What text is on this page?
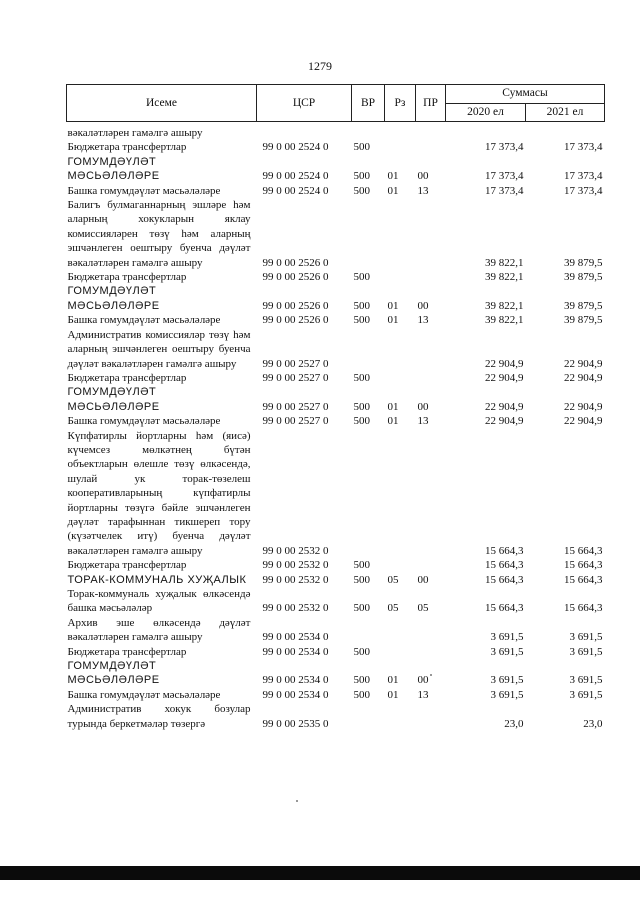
1279
Исеме	ЦСР	ВР	Рз	ПР	Суммасы	
					2020 ел	2021 ел
вәкаләтләрен гамәлгә ашыру						
Бюджетара трансфертлар	99 0 00 2524 0	500			17 373,4	17 373,4
ГОМУМДӘҮЛӘТ МӘСЬӘЛӘЛӘРЕ	99 0 00 2524 0	500	01	00	17 373,4	17 373,4
Башка гомумдәүләт мәсьәләләре	99 0 00 2524 0	500	01	13	17 373,4	17 373,4
Балигъ булмаганнарның эшләре һәм аларның хокукларын яклау комиссияләрен төзү һәм аларның эшчәнлеген оештыру буенча дәүләт вәкаләтләрен гамәлгә ашыру	99 0 00 2526 0				39 822,1	39 879,5
Бюджетара трансфертлар	99 0 00 2526 0	500			39 822,1	39 879,5
ГОМУМДӘҮЛӘТ МӘСЬӘЛӘЛӘРЕ	99 0 00 2526 0	500	01	00	39 822,1	39 879,5
Башка гомумдәүләт мәсьәләләре	99 0 00 2526 0	500	01	13	39 822,1	39 879,5
Административ комиссияләр төзү һәм аларның эшчәнлеген оештыру буенча дәүләт вәкаләтләрен гамәлгә ашыру	99 0 00 2527 0				22 904,9	22 904,9
Бюджетара трансфертлар	99 0 00 2527 0	500			22 904,9	22 904,9
ГОМУМДӘҮЛӘТ МӘСЬӘЛӘЛӘРЕ	99 0 00 2527 0	500	01	00	22 904,9	22 904,9
Башка гомумдәүләт мәсьәләләре	99 0 00 2527 0	500	01	13	22 904,9	22 904,9
Күпфатирлы йортларны һәм (яисә) күчемсез мөлкәтнең бүтән объектларын өлешле төзү өлкәсендә, шулай ук торак-төзелеш кооперативларының күпфатирлы йортларны төзүгә бәйле эшчәнлеген дәүләт тарафыннан тикшереп тору (күзәтчелек итү) буенча дәүләт вәкаләтләрен гамәлгә ашыру	99 0 00 2532 0				15 664,3	15 664,3
Бюджетара трансфертлар	99 0 00 2532 0	500			15 664,3	15 664,3
ТОРАК-КОММУНАЛЬ ХУҖАЛЫК	99 0 00 2532 0	500	05	00	15 664,3	15 664,3
Торак-коммуналь хуҗалык өлкәсендә башка мәсьәләләр	99 0 00 2532 0	500	05	05	15 664,3	15 664,3
Архив эше өлкәсендә дәүләт вәкаләтләрен гамәлгә ашыру	99 0 00 2534 0				3 691,5	3 691,5
Бюджетара трансфертлар	99 0 00 2534 0	500			3 691,5	3 691,5
ГОМУМДӘҮЛӘТ МӘСЬӘЛӘЛӘРЕ	99 0 00 2534 0	500	01	00	3 691,5	3 691,5
Башка гомумдәүләт мәсьәләләре	99 0 00 2534 0	500	01	13	3 691,5	3 691,5
Административ хокук бозулар турында беркетмәләр төзергә	99 0 00 2535 0				23,0	23,0
